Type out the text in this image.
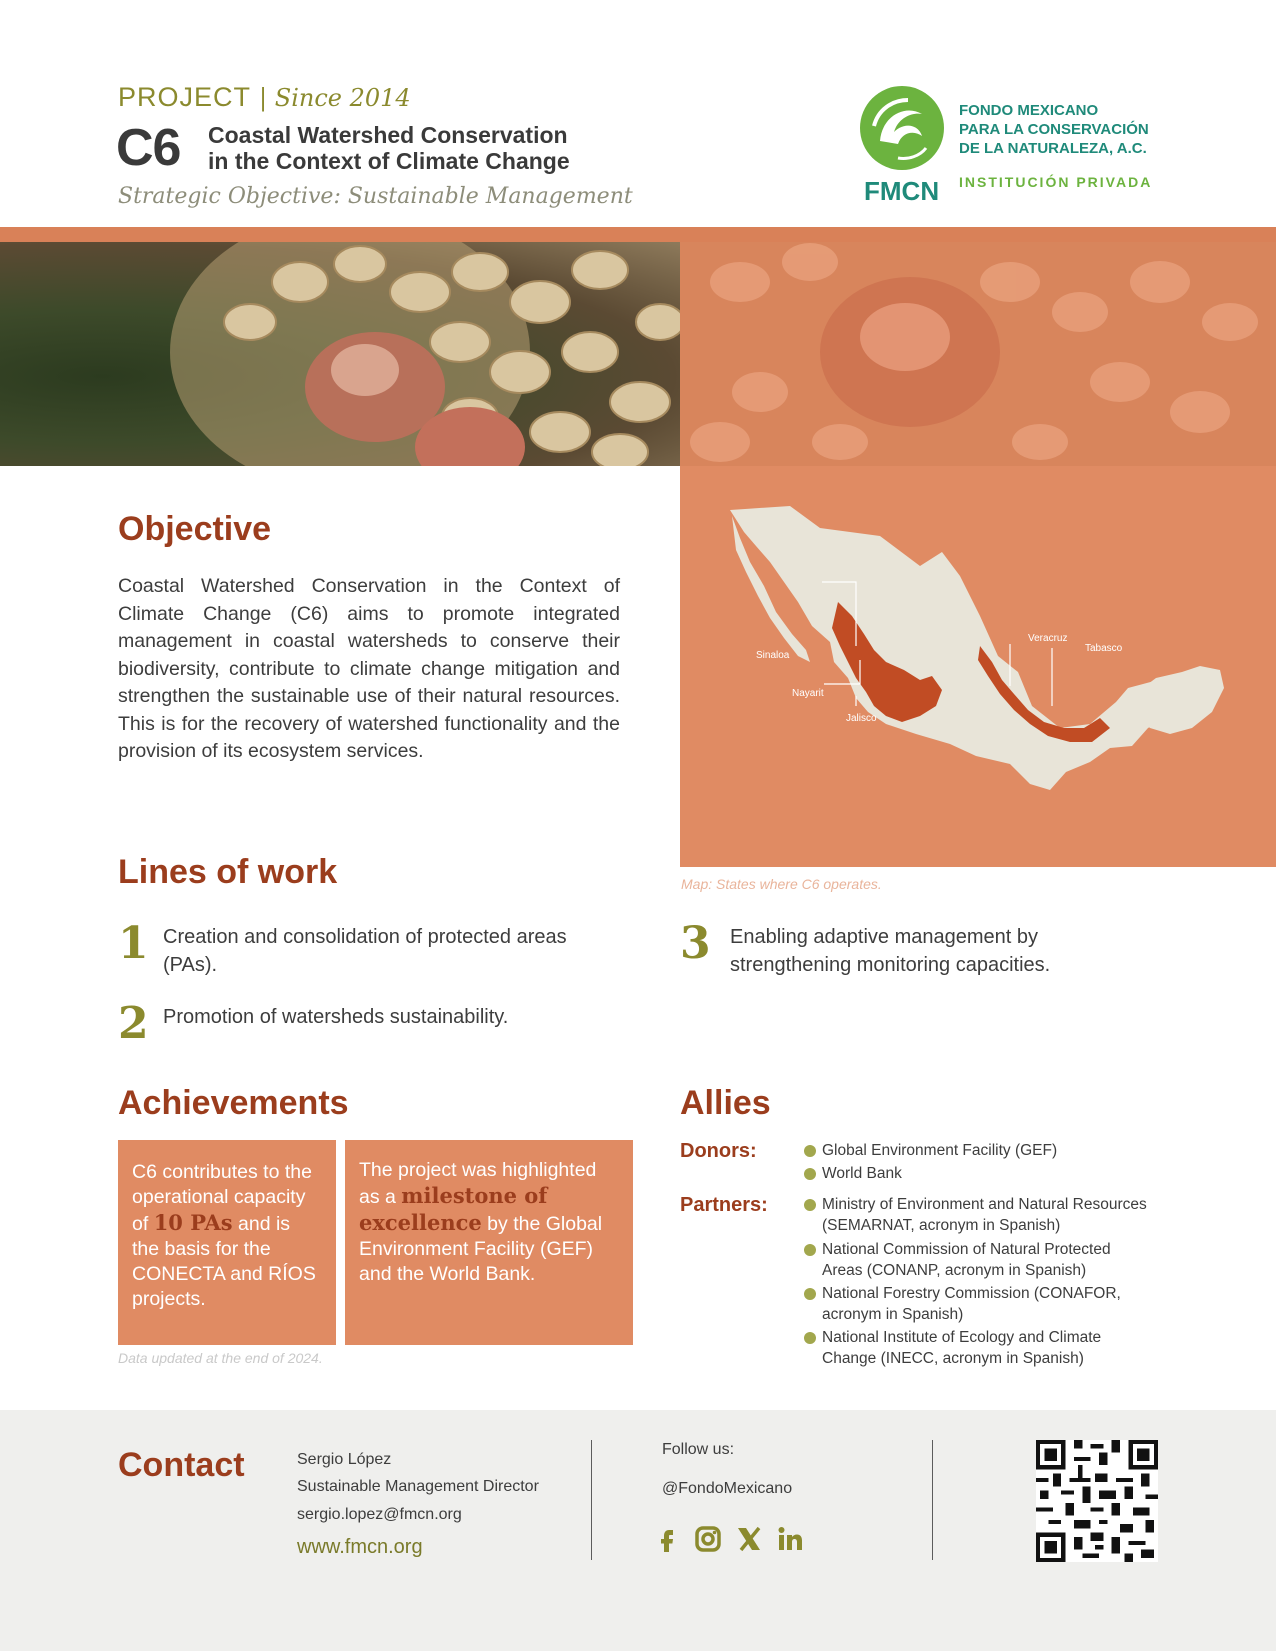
PROJECT | Since 2014
C6 Coastal Watershed Conservation
in the Context of Climate Change
Strategic Objective: Sustainable Management	FMCN
FONDO MEXICANO
PARA LA CONSERVACIÓN
DE LA NATURALEZA, A.C.
INSTITUCIÓN PRIVADA
Sinaloa
Nayarit
Jalisco
Veracruz
Tabasco
Map: States where C6 operates.
Objective
Coastal Watershed Conservation in the Context of Climate Change (C6) aims to promote integrated management in coastal watersheds to conserve their biodiversity, contribute to climate change mitigation and strengthen the sustainable use of their natural resources. This is for the recovery of watershed functionality and the provision of its ecosystem services.
Lines of work
1 Creation and consolidation of protected areas (PAs).
2 Promotion of watersheds sustainability.
3 Enabling adaptive management by strengthening monitoring capacities.
Achievements
C6 contributes to the operational capacity of 10 PAs and is the basis for the CONECTA and RÍOS projects.
The project was highlighted as a milestone of excellence by the Global Environment Facility (GEF) and the World Bank.
Data updated at the end of 2024.
Allies
Donors:	Global Environment Facility (GEF)
World Bank
Partners:	Ministry of Environment and Natural Resources (SEMARNAT, acronym in Spanish)
National Commission of Natural Protected Areas (CONANP, acronym in Spanish)
National Forestry Commission (CONAFOR, acronym in Spanish)
National Institute of Ecology and Climate Change (INECC, acronym in Spanish)
Contact	Sergio López
Sustainable Management Director
sergio.lopez@fmcn.org
www.fmcn.org
Follow us:
@FondoMexicano
